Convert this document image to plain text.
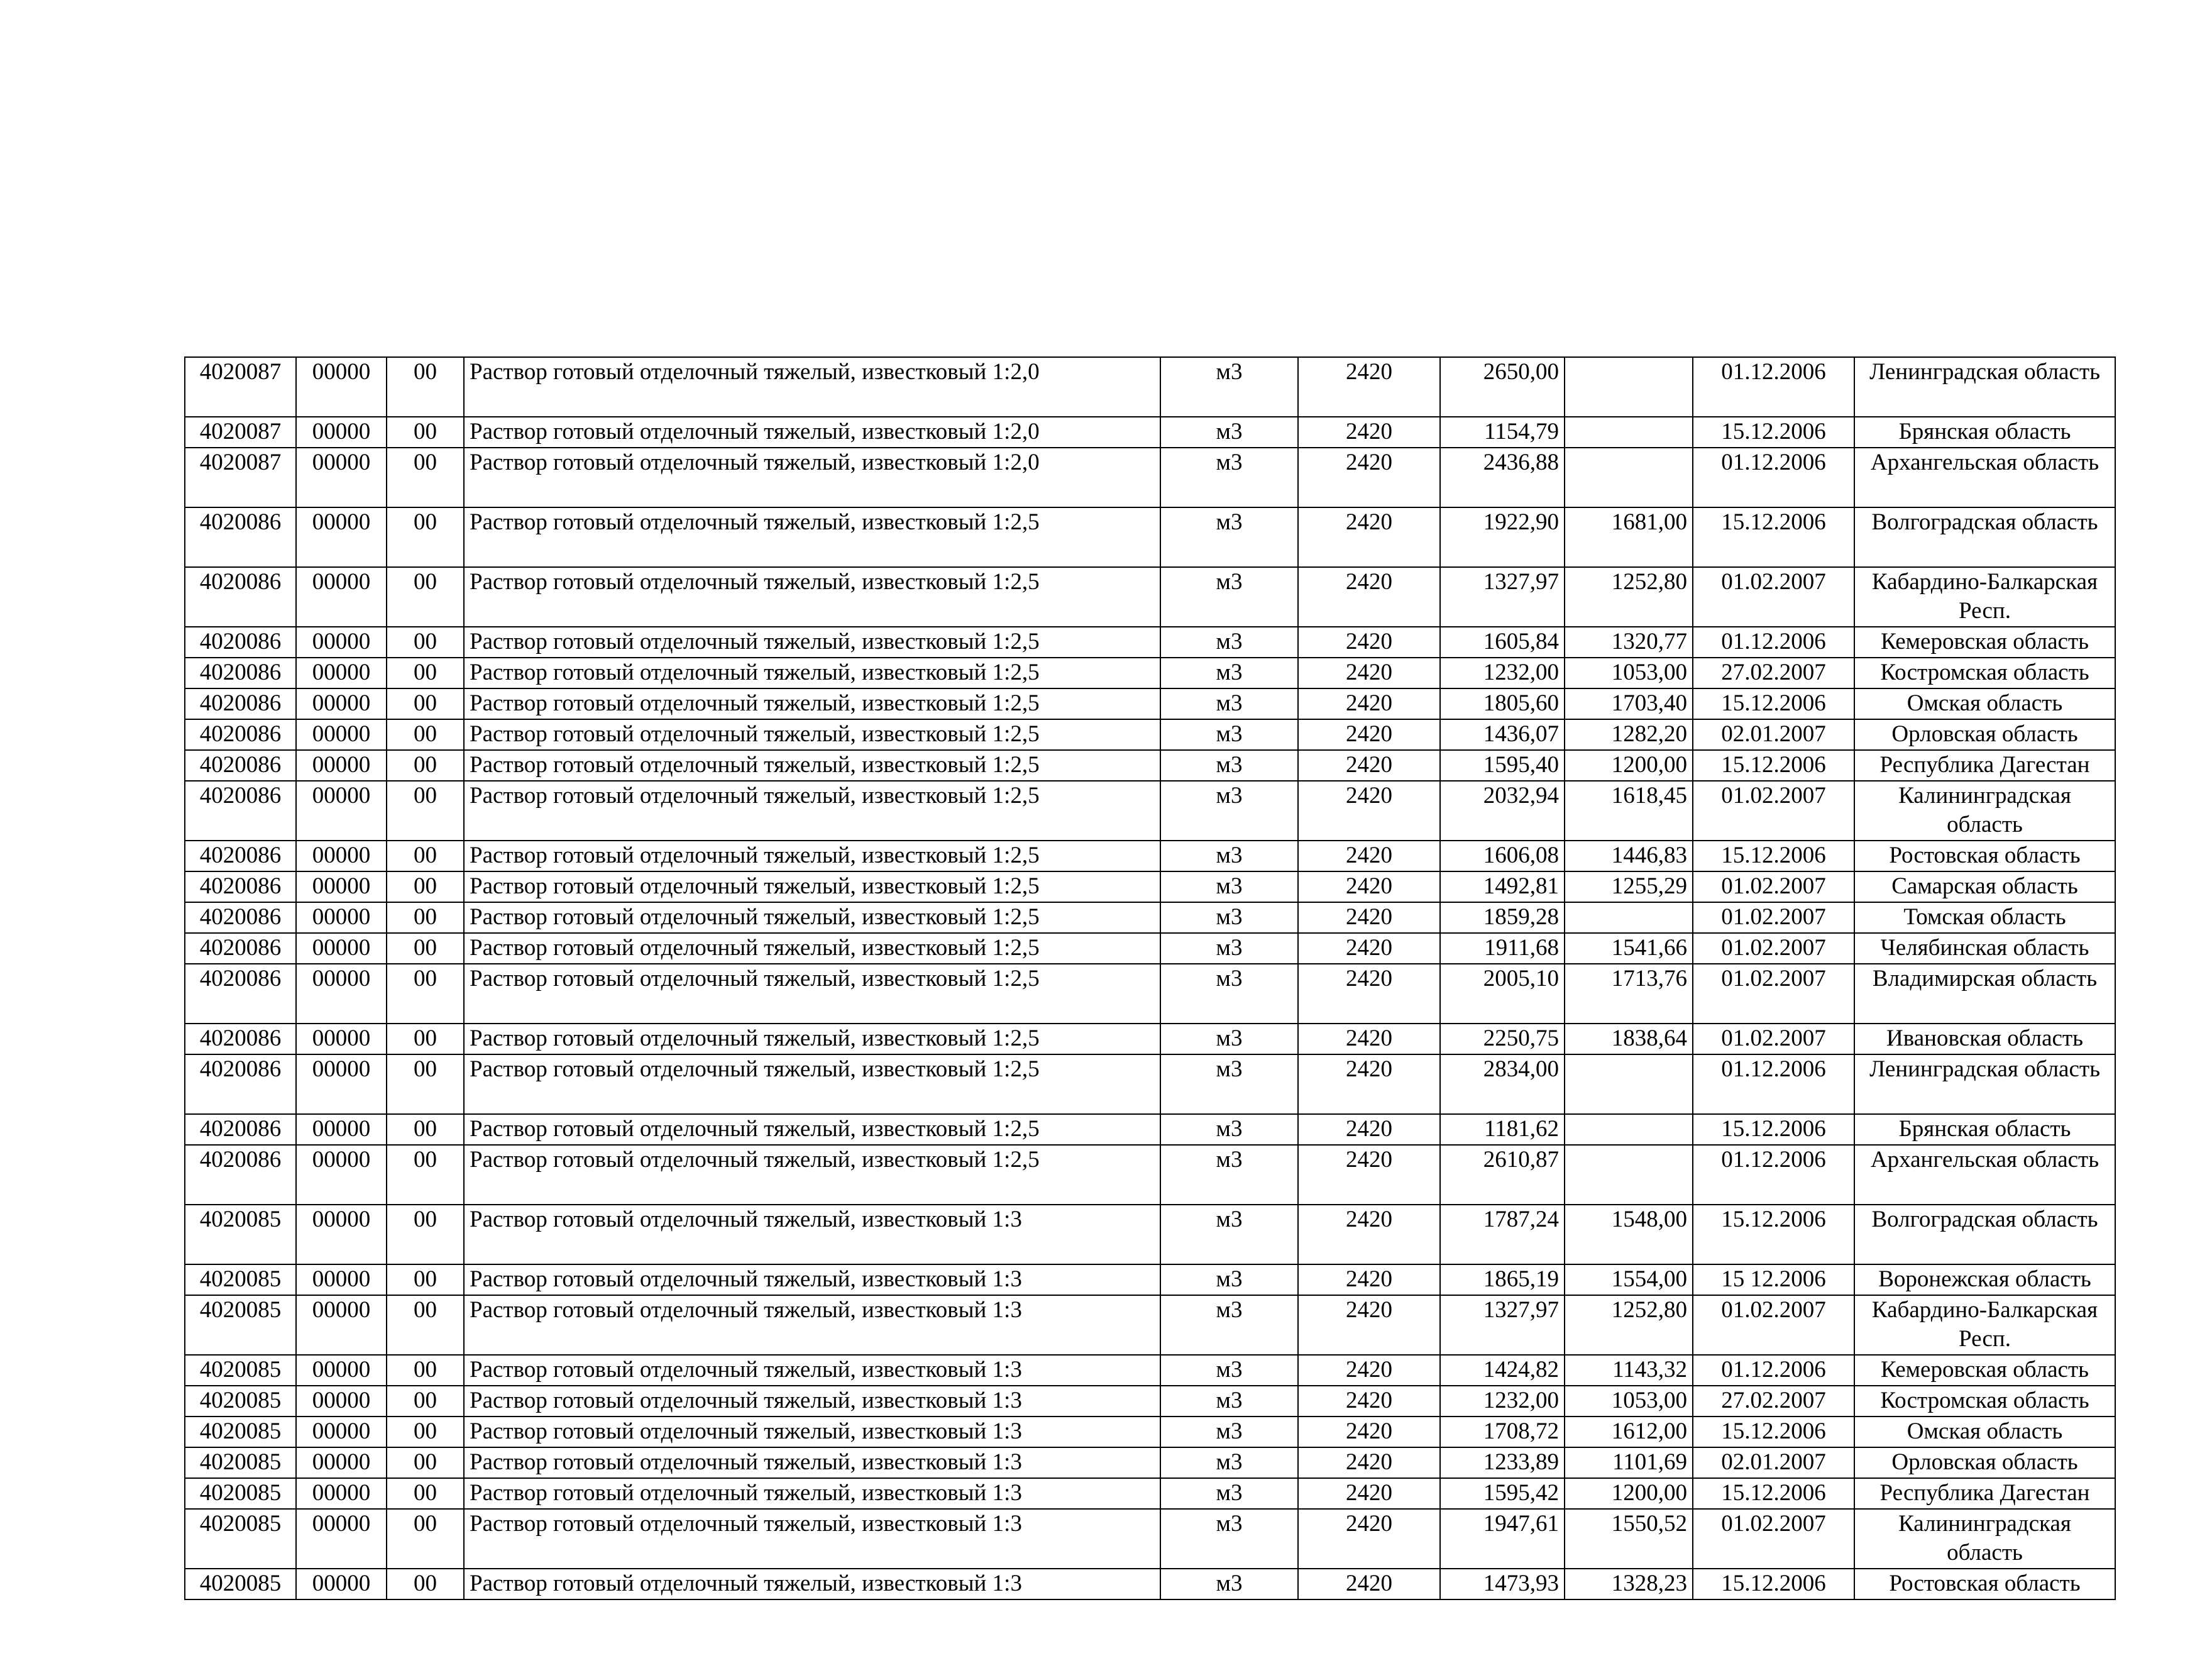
4020087	00000	00	Раствор готовый отделочный тяжелый, известковый 1:2,0	м3	2420	2650,00		01.12.2006	Ленинградская область
4020087	00000	00	Раствор готовый отделочный тяжелый, известковый 1:2,0	м3	2420	1154,79		15.12.2006	Брянская область
4020087	00000	00	Раствор готовый отделочный тяжелый, известковый 1:2,0	м3	2420	2436,88		01.12.2006	Архангельская область
4020086	00000	00	Раствор готовый отделочный тяжелый, известковый 1:2,5	м3	2420	1922,90	1681,00	15.12.2006	Волгоградская область
4020086	00000	00	Раствор готовый отделочный тяжелый, известковый 1:2,5	м3	2420	1327,97	1252,80	01.02.2007	Кабардино-Балкарская Респ.
4020086	00000	00	Раствор готовый отделочный тяжелый, известковый 1:2,5	м3	2420	1605,84	1320,77	01.12.2006	Кемеровская область
4020086	00000	00	Раствор готовый отделочный тяжелый, известковый 1:2,5	м3	2420	1232,00	1053,00	27.02.2007	Костромская область
4020086	00000	00	Раствор готовый отделочный тяжелый, известковый 1:2,5	м3	2420	1805,60	1703,40	15.12.2006	Омская область
4020086	00000	00	Раствор готовый отделочный тяжелый, известковый 1:2,5	м3	2420	1436,07	1282,20	02.01.2007	Орловская область
4020086	00000	00	Раствор готовый отделочный тяжелый, известковый 1:2,5	м3	2420	1595,40	1200,00	15.12.2006	Республика Дагестан
4020086	00000	00	Раствор готовый отделочный тяжелый, известковый 1:2,5	м3	2420	2032,94	1618,45	01.02.2007	Калининградская область
4020086	00000	00	Раствор готовый отделочный тяжелый, известковый 1:2,5	м3	2420	1606,08	1446,83	15.12.2006	Ростовская область
4020086	00000	00	Раствор готовый отделочный тяжелый, известковый 1:2,5	м3	2420	1492,81	1255,29	01.02.2007	Самарская область
4020086	00000	00	Раствор готовый отделочный тяжелый, известковый 1:2,5	м3	2420	1859,28		01.02.2007	Томская область
4020086	00000	00	Раствор готовый отделочный тяжелый, известковый 1:2,5	м3	2420	1911,68	1541,66	01.02.2007	Челябинская область
4020086	00000	00	Раствор готовый отделочный тяжелый, известковый 1:2,5	м3	2420	2005,10	1713,76	01.02.2007	Владимирская область
4020086	00000	00	Раствор готовый отделочный тяжелый, известковый 1:2,5	м3	2420	2250,75	1838,64	01.02.2007	Ивановская область
4020086	00000	00	Раствор готовый отделочный тяжелый, известковый 1:2,5	м3	2420	2834,00		01.12.2006	Ленинградская область
4020086	00000	00	Раствор готовый отделочный тяжелый, известковый 1:2,5	м3	2420	1181,62		15.12.2006	Брянская область
4020086	00000	00	Раствор готовый отделочный тяжелый, известковый 1:2,5	м3	2420	2610,87		01.12.2006	Архангельская область
4020085	00000	00	Раствор готовый отделочный тяжелый, известковый 1:3	м3	2420	1787,24	1548,00	15.12.2006	Волгоградская область
4020085	00000	00	Раствор готовый отделочный тяжелый, известковый 1:3	м3	2420	1865,19	1554,00	15 12.2006	Воронежская область
4020085	00000	00	Раствор готовый отделочный тяжелый, известковый 1:3	м3	2420	1327,97	1252,80	01.02.2007	Кабардино-Балкарская Респ.
4020085	00000	00	Раствор готовый отделочный тяжелый, известковый 1:3	м3	2420	1424,82	1143,32	01.12.2006	Кемеровская область
4020085	00000	00	Раствор готовый отделочный тяжелый, известковый 1:3	м3	2420	1232,00	1053,00	27.02.2007	Костромская область
4020085	00000	00	Раствор готовый отделочный тяжелый, известковый 1:3	м3	2420	1708,72	1612,00	15.12.2006	Омская область
4020085	00000	00	Раствор готовый отделочный тяжелый, известковый 1:3	м3	2420	1233,89	1101,69	02.01.2007	Орловская область
4020085	00000	00	Раствор готовый отделочный тяжелый, известковый 1:3	м3	2420	1595,42	1200,00	15.12.2006	Республика Дагестан
4020085	00000	00	Раствор готовый отделочный тяжелый, известковый 1:3	м3	2420	1947,61	1550,52	01.02.2007	Калининградская область
4020085	00000	00	Раствор готовый отделочный тяжелый, известковый 1:3	м3	2420	1473,93	1328,23	15.12.2006	Ростовская область
